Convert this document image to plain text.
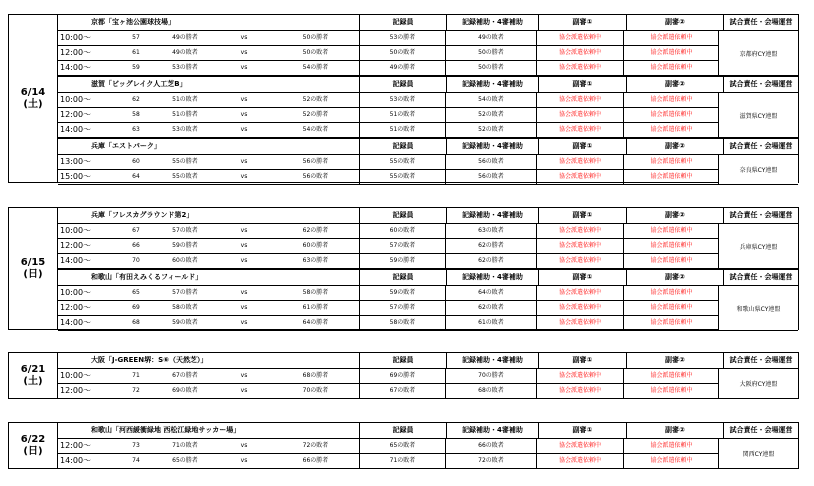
6/14
(土)
京都「宝ヶ池公園球技場」	記録員	記録補助・4審補助	副審①	副審②	試合責任・会場運営
10:00～	57	49の勝者	vs	50の勝者	53の勝者	49の敗者	協会派遣依頼中	協会派遣依頼中
12:00～	61	49の敗者	vs	50の敗者	50の敗者	50の勝者	協会派遣依頼中	協会派遣依頼中
14:00～	59	53の勝者	vs	54の勝者	49の勝者	50の勝者	協会派遣依頼中	協会派遣依頼中
京都府CY連盟
滋賀「ビッグレイク人工芝B」	記録員	記録補助・4審補助	副審①	副審②	試合責任・会場運営
10:00～	62	51の敗者	vs	52の敗者	53の敗者	54の敗者	協会派遣依頼中	協会派遣依頼中
12:00～	58	51の勝者	vs	52の勝者	51の敗者	52の敗者	協会派遣依頼中	協会派遣依頼中
14:00～	63	53の敗者	vs	54の敗者	51の敗者	52の敗者	協会派遣依頼中	協会派遣依頼中
滋賀県CY連盟
兵庫「エストパーク」	記録員	記録補助・4審補助	副審①	副審②	試合責任・会場運営
13:00～	60	55の勝者	vs	56の勝者	55の敗者	56の敗者	協会派遣依頼中	協会派遣依頼中
15:00～	64	55の敗者	vs	56の敗者	55の敗者	56の敗者	協会派遣依頼中	協会派遣依頼中
奈良県CY連盟
6/15
(日)
兵庫「フレスカグラウンド第2」	記録員	記録補助・4審補助	副審①	副審②	試合責任・会場運営
10:00～	67	57の敗者	vs	62の勝者	60の敗者	63の敗者	協会派遣依頼中	協会派遣依頼中
12:00～	66	59の勝者	vs	60の勝者	57の敗者	62の勝者	協会派遣依頼中	協会派遣依頼中
14:00～	70	60の敗者	vs	63の勝者	59の勝者	62の勝者	協会派遣依頼中	協会派遣依頼中
兵庫県CY連盟
和歌山「有田えみくるフィールド」	記録員	記録補助・4審補助	副審①	副審②	試合責任・会場運営
10:00～	65	57の勝者	vs	58の勝者	59の敗者	64の敗者	協会派遣依頼中	協会派遣依頼中
12:00～	69	58の敗者	vs	61の勝者	57の勝者	62の敗者	協会派遣依頼中	協会派遣依頼中
14:00～	68	59の敗者	vs	64の勝者	58の敗者	61の敗者	協会派遣依頼中	協会派遣依頼中
和歌山県CY連盟
6/21
(土)
大阪「J-GREEN堺：S⑥（天然芝）」	記録員	記録補助・4審補助	副審①	副審②	試合責任・会場運営
10:00～	71	67の勝者	vs	68の勝者	69の勝者	70の勝者	協会派遣依頼中	協会派遣依頼中
12:00～	72	69の敗者	vs	70の敗者	67の敗者	68の敗者	協会派遣依頼中	協会派遣依頼中
大阪府CY連盟
6/22
(日)
和歌山「河西緩衝緑地 西松江緑地サッカー場」	記録員	記録補助・4審補助	副審①	副審②	試合責任・会場運営
12:00～	73	71の敗者	vs	72の敗者	65の敗者	66の敗者	協会派遣依頼中	協会派遣依頼中
14:00～	74	65の勝者	vs	66の勝者	71の敗者	72の敗者	協会派遣依頼中	協会派遣依頼中
関西CY連盟
